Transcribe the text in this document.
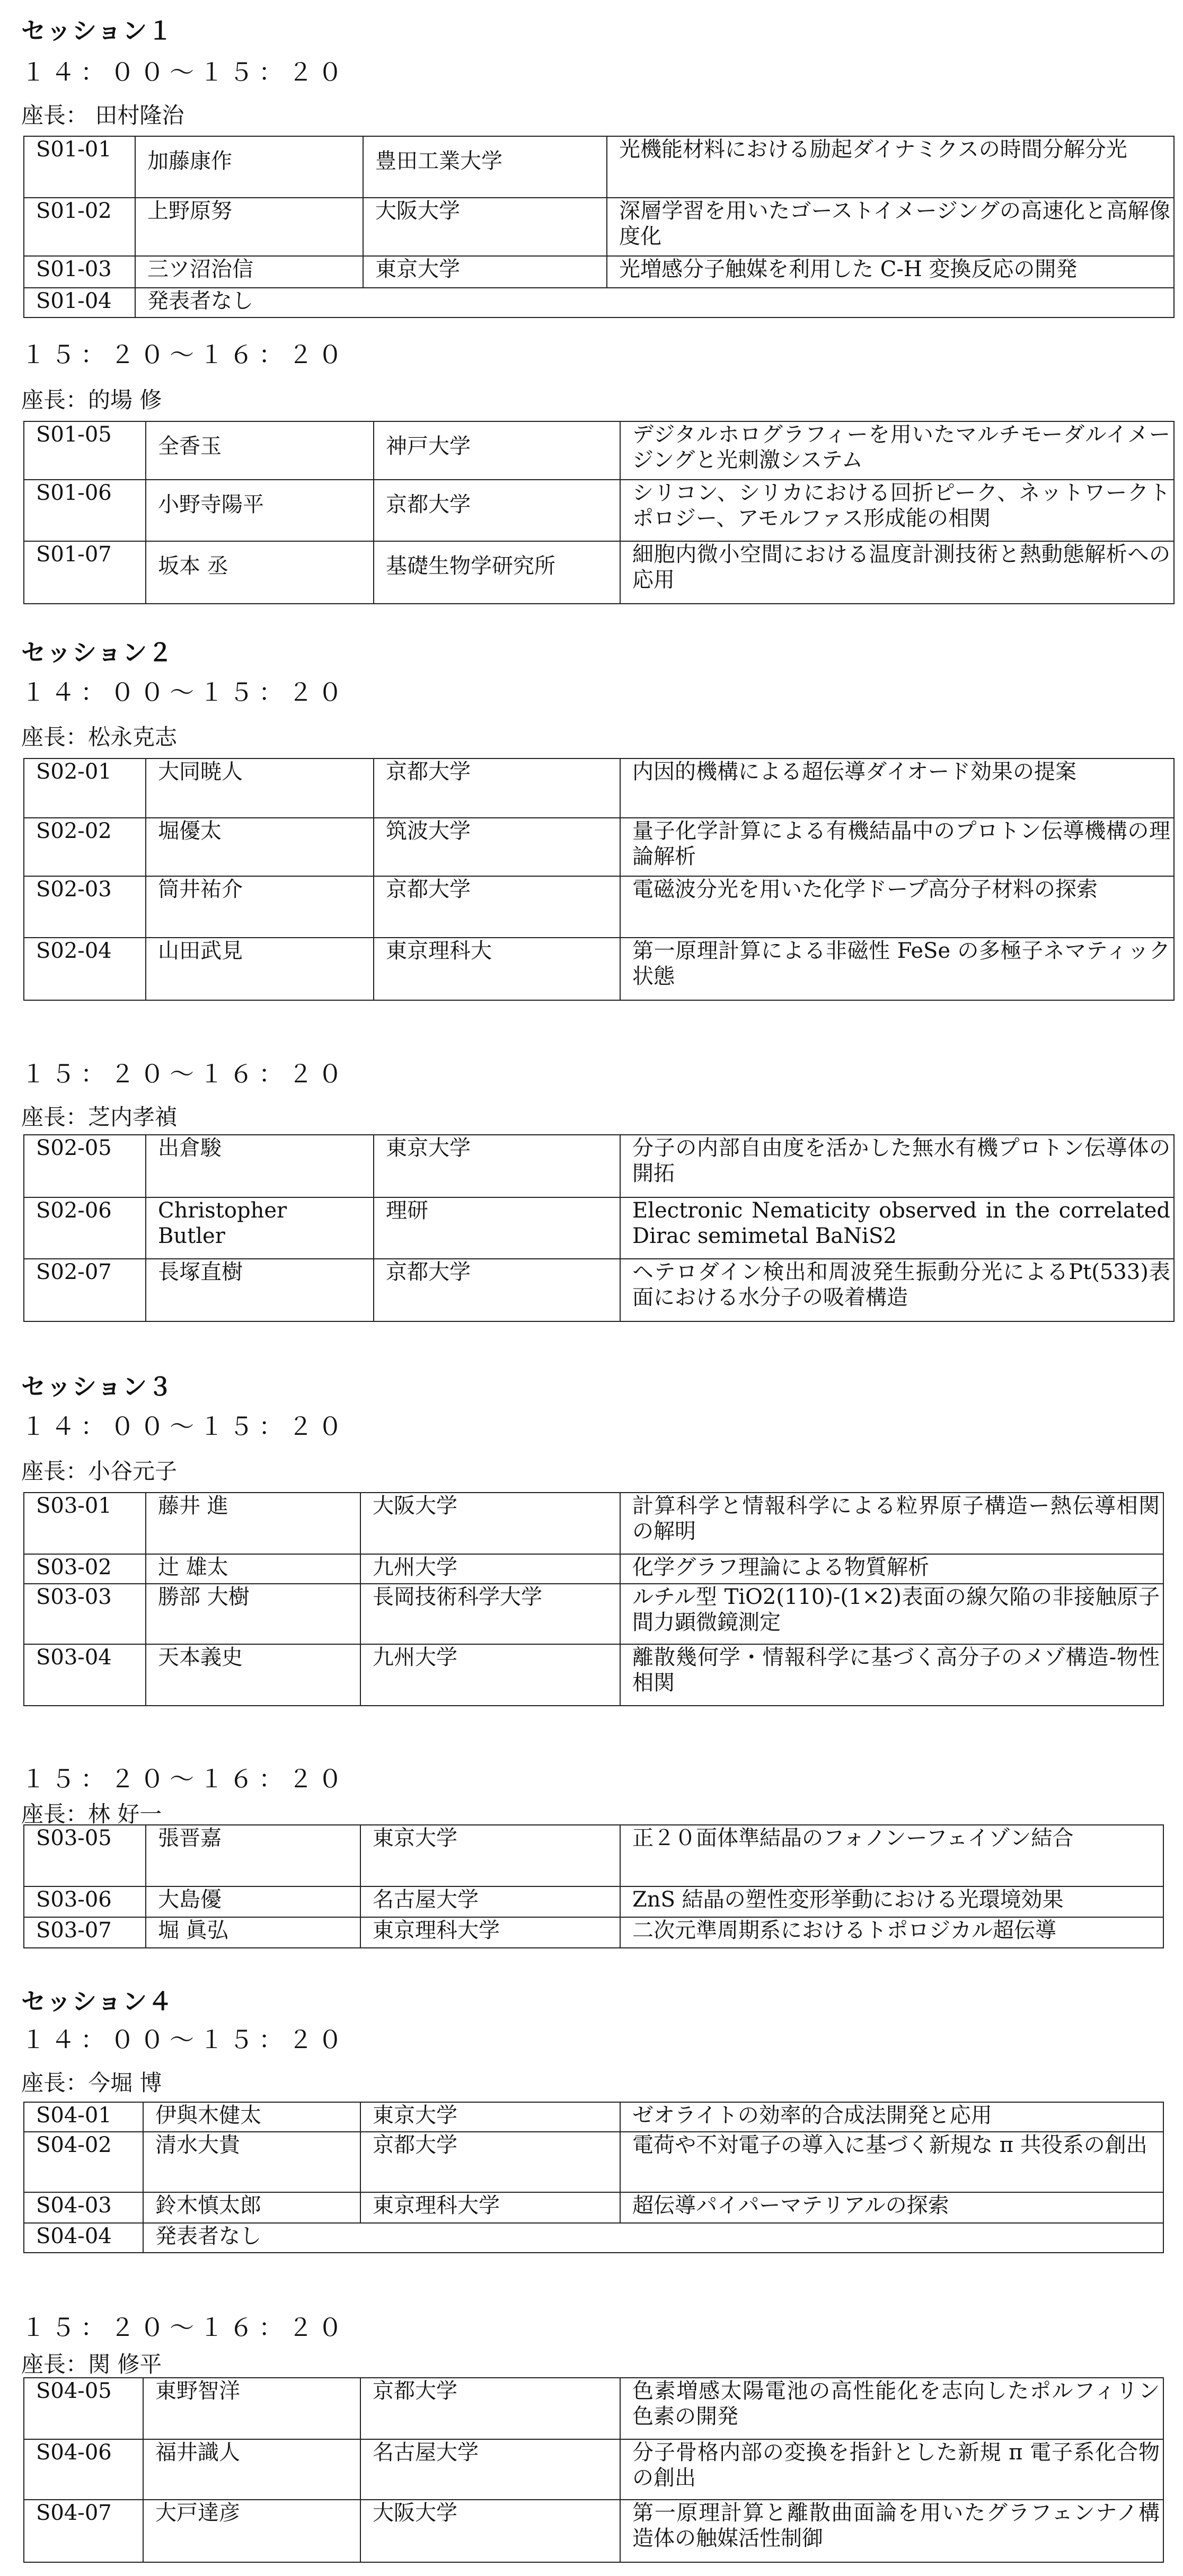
セッション１
１４：００～１５：２０
座長： 田村隆治
S01-01	加藤康作	豊田工業大学	光機能材料における励起ダイナミクスの時間分解分光
S01-02	上野原努	大阪大学	深層学習を用いたゴーストイメージングの高速化と高解像度化
S01-03	三ツ沼治信	東京大学	光増感分子触媒を利用した C-H 変換反応の開発
S01-04	発表者なし		
１５：２０～１６：２０
座長：的場 修
S01-05	全香玉	神戸大学	デジタルホログラフィーを用いたマルチモーダルイメージングと光刺激システム
S01-06	小野寺陽平	京都大学	シリコン、シリカにおける回折ピーク、ネットワークトポロジー、アモルファス形成能の相関
S01-07	坂本 丞	基礎生物学研究所	細胞内微小空間における温度計測技術と熱動態解析への応用
セッション２
１４：００～１５：２０
座長：松永克志
S02-01	大同暁人	京都大学	内因的機構による超伝導ダイオード効果の提案
S02-02	堀優太	筑波大学	量子化学計算による有機結晶中のプロトン伝導機構の理論解析
S02-03	筒井祐介	京都大学	電磁波分光を用いた化学ドープ高分子材料の探索
S02-04	山田武見	東京理科大	第一原理計算による非磁性 FeSe の多極子ネマティック状態
１５：２０～１６：２０
座長：芝内孝禎
S02-05	出倉駿	東京大学	分子の内部自由度を活かした無水有機プロトン伝導体の開拓
S02-06	Christopher Butler	理研	Electronic Nematicity observed in the correlated Dirac semimetal BaNiS2
S02-07	長塚直樹	京都大学	ヘテロダイン検出和周波発生振動分光によるPt(533)表面における水分子の吸着構造
セッション３
１４：００～１５：２０
座長：小谷元子
S03-01	藤井 進	大阪大学	計算科学と情報科学による粒界原子構造ー熱伝導相関の解明
S03-02	辻 雄太	九州大学	化学グラフ理論による物質解析
S03-03	勝部 大樹	長岡技術科学大学	ルチル型 TiO2(110)-(1×2)表面の線欠陥の非接触原子間力顕微鏡測定
S03-04	天本義史	九州大学	離散幾何学・情報科学に基づく高分子のメゾ構造-物性相関
１５：２０～１６：２０
座長：林 好一
S03-05	張晋嘉	東京大学	正２０面体準結晶のフォノンーフェイゾン結合
S03-06	大島優	名古屋大学	ZnS 結晶の塑性変形挙動における光環境効果
S03-07	堀 眞弘	東京理科大学	二次元準周期系におけるトポロジカル超伝導
セッション４
１４：００～１５：２０
座長：今堀 博
S04-01	伊與木健太	東京大学	ゼオライトの効率的合成法開発と応用
S04-02	清水大貴	京都大学	電荷や不対電子の導入に基づく新規な π 共役系の創出
S04-03	鈴木慎太郎	東京理科大学	超伝導パイパーマテリアルの探索
S04-04	発表者なし		
１５：２０～１６：２０
座長：関 修平
S04-05	東野智洋	京都大学	色素増感太陽電池の高性能化を志向したポルフィリン色素の開発
S04-06	福井識人	名古屋大学	分子骨格内部の変換を指針とした新規 π 電子系化合物の創出
S04-07	大戸達彦	大阪大学	第一原理計算と離散曲面論を用いたグラフェンナノ構造体の触媒活性制御
